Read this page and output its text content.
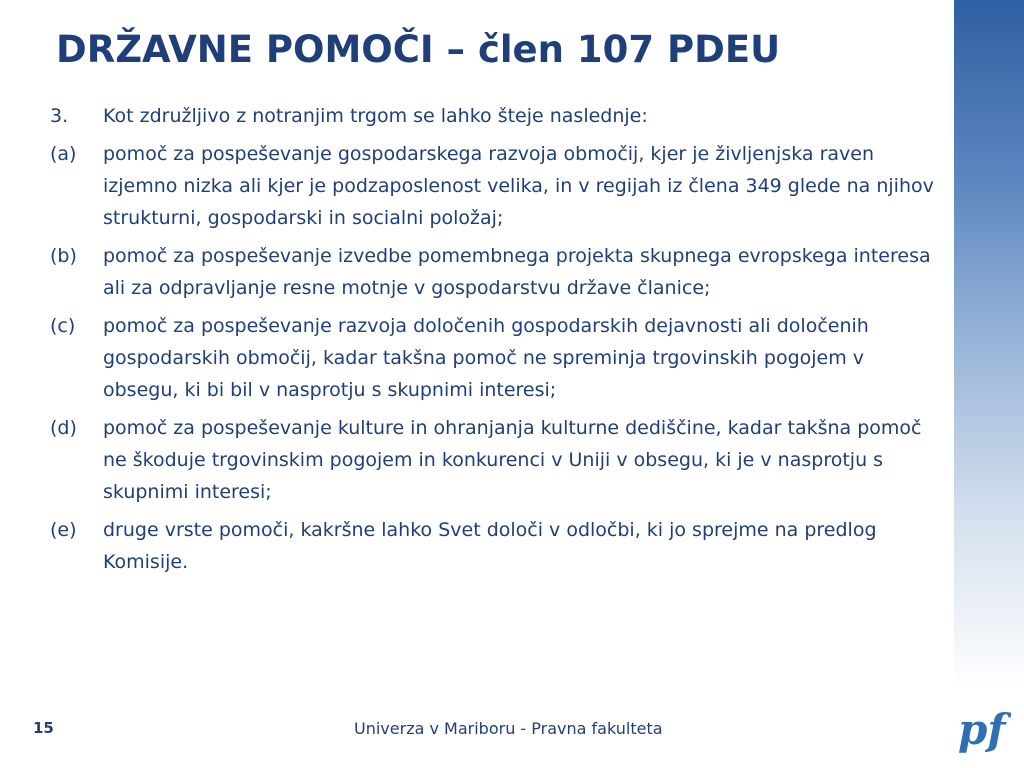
DRŽAVNE POMOČI – člen 107 PDEU
3.	Kot združljivo z notranjim trgom se lahko šteje naslednje:
(a)	pomoč za pospeševanje gospodarskega razvoja območij, kjer je življenjska raven izjemno nizka ali kjer je podzaposlenost velika, in v regijah iz člena 349 glede na njihov strukturni, gospodarski in socialni položaj;
(b)	pomoč za pospeševanje izvedbe pomembnega projekta skupnega evropskega interesa ali za odpravljanje resne motnje v gospodarstvu države članice;
(c)	pomoč za pospeševanje razvoja določenih gospodarskih dejavnosti ali določenih gospodarskih območij, kadar takšna pomoč ne spreminja trgovinskih pogojem v obsegu, ki bi bil v nasprotju s skupnimi interesi;
(d)	pomoč za pospeševanje kulture in ohranjanja kulturne dediščine, kadar takšna pomoč ne škoduje trgovinskim pogojem in konkurenci v Uniji v obsegu, ki je v nasprotju s skupnimi interesi;
(e)	druge vrste pomoči, kakršne lahko Svet določi v odločbi, ki jo sprejme na predlog Komisije.
15	Univerza v Mariboru - Pravna fakulteta	pf
